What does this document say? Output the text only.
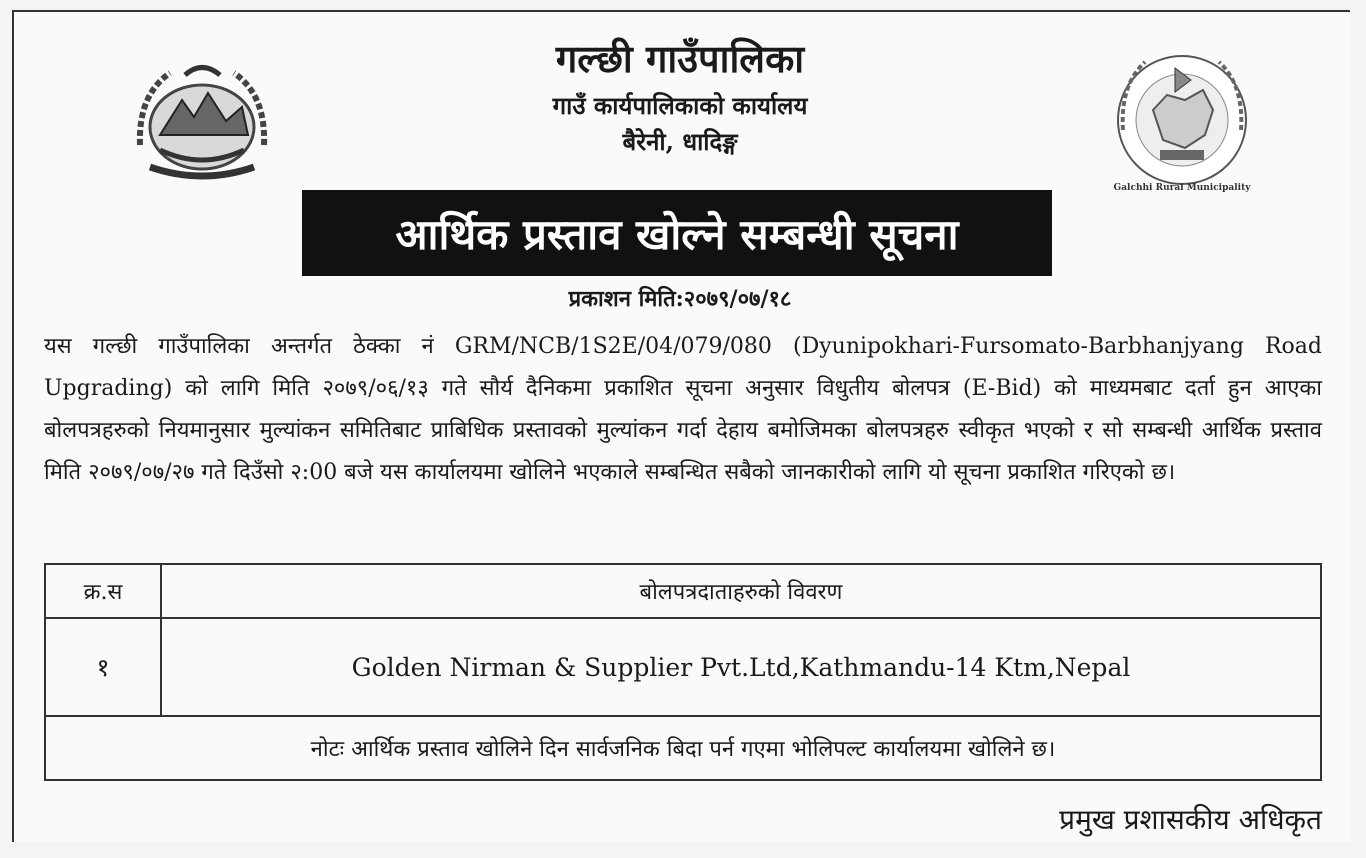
Galchhi Rural Municipality
गल्छी गाउँपालिका
गाउँ कार्यपालिकाको कार्यालय
बैरेनी, धादिङ्ग
आर्थिक प्रस्ताव खोल्ने सम्बन्धी सूचना
प्रकाशन मिति:२०७९/०७/१८
यस गल्छी गाउँपालिका अन्तर्गत ठेक्का नं GRM/NCB/1S2E/04/079/080 (Dyunipokhari-Fursomato-Barbhanjyang Road Upgrading) को लागि मिति २०७९/०६/१३ गते सौर्य दैनिकमा प्रकाशित सूचना अनुसार विधुतीय बोलपत्र (E-Bid) को माध्यमबाट दर्ता हुन आएका बोलपत्रहरुको नियमानुसार मुल्यांकन समितिबाट प्राबिधिक प्रस्तावको मुल्यांकन गर्दा देहाय बमोजिमका बोलपत्रहरु स्वीकृत भएको र सो सम्बन्धी आर्थिक प्रस्ताव मिति २०७९/०७/२७ गते दिउँसो २:00 बजे यस कार्यालयमा खोलिने भएकाले सम्बन्धित सबैको जानकारीको लागि यो सूचना प्रकाशित गरिएको छ।
क्र.स	बोलपत्रदाताहरुको विवरण
१	Golden Nirman & Supplier Pvt.Ltd,Kathmandu-14 Ktm,Nepal
नोटः आर्थिक प्रस्ताव खोलिने दिन सार्वजनिक बिदा पर्न गएमा भोलिपल्ट कार्यालयमा खोलिने छ।	
प्रमुख प्रशासकीय अधिकृत
